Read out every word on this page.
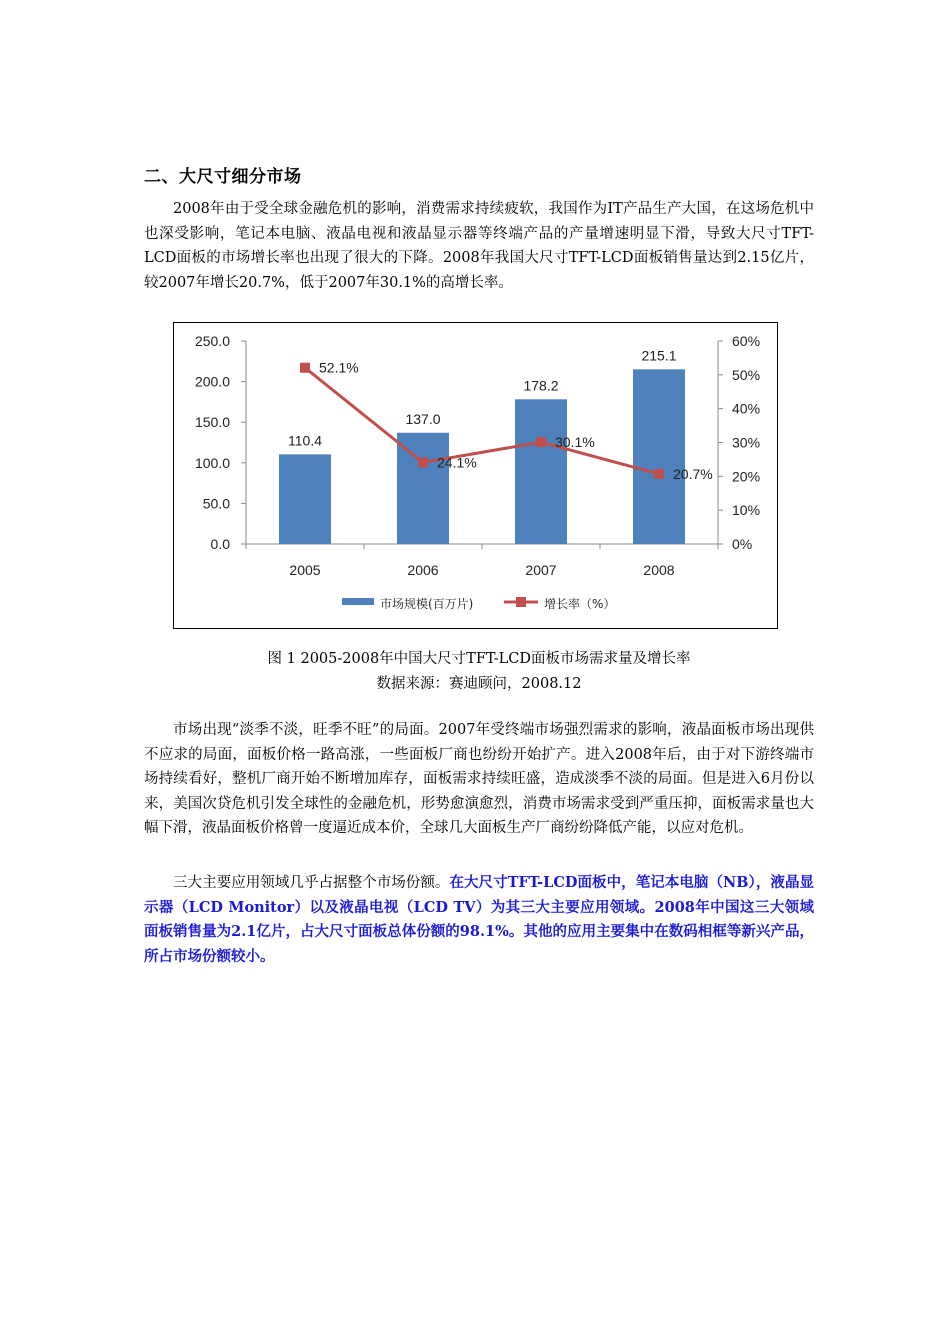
二、大尺寸细分市场

2008年由于受全球金融危机的影响，消费需求持续疲软，我国作为IT产品生产大国，在这场危机中也深受影响，笔记本电脑、液晶电视和液晶显示器等终端产品的产量增速明显下滑，导致大尺寸TFT-LCD面板的市场增长率也出现了很大的下降。2008年我国大尺寸TFT-LCD面板销售量达到2.15亿片，较2007年增长20.7%，低于2007年30.1%的高增长率。

0.0
50.0
100.0
150.0
200.0
250.0
0%
10%
20%
30%
40%
50%
60%
110.4
2005
137.0
2006
178.2
2007
215.1
2008
52.1%
24.1%
30.1%
20.7%
市场规模(百万片)	增长率（%）
图 1 2005-2008年中国大尺寸TFT-LCD面板市场需求量及增长率
数据来源：赛迪顾问，2008.12

市场出现“淡季不淡，旺季不旺”的局面。2007年受终端市场强烈需求的影响，液晶面板市场出现供不应求的局面，面板价格一路高涨，一些面板厂商也纷纷开始扩产。进入2008年后，由于对下游终端市场持续看好，整机厂商开始不断增加库存，面板需求持续旺盛，造成淡季不淡的局面。但是进入6月份以来，美国次贷危机引发全球性的金融危机，形势愈演愈烈，消费市场需求受到严重压抑，面板需求量也大幅下滑，液晶面板价格曾一度逼近成本价，全球几大面板生产厂商纷纷降低产能，以应对危机。

三大主要应用领域几乎占据整个市场份额。在大尺寸TFT-LCD面板中，笔记本电脑（NB），液晶显示器（LCD Monitor）以及液晶电视（LCD TV）为其三大主要应用领域。2008年中国这三大领域面板销售量为2.1亿片，占大尺寸面板总体份额的98.1%。其他的应用主要集中在数码相框等新兴产品，所占市场份额较小。
